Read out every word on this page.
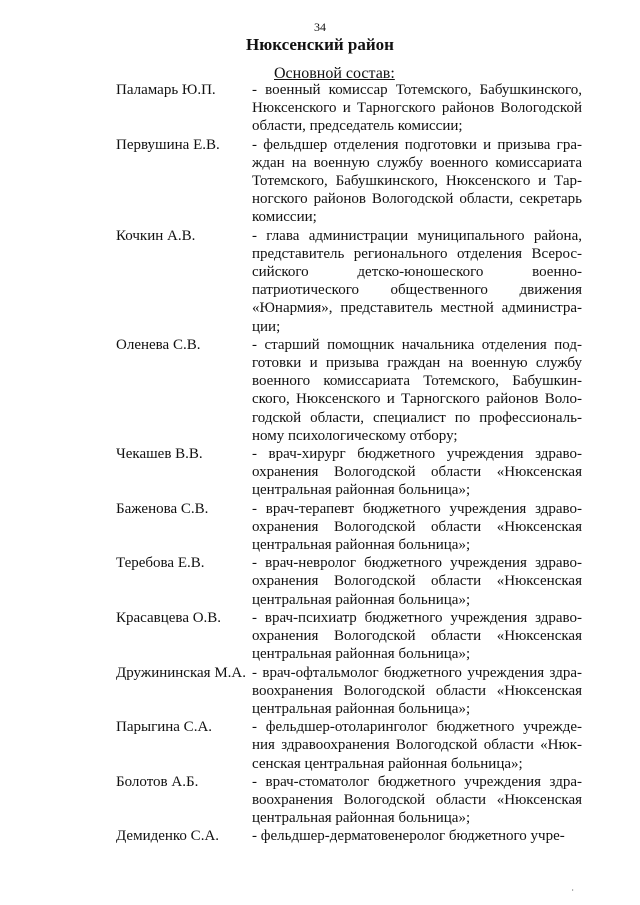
34
Нюксенский район
Основной состав:
Паламарь Ю.П.	- военный комиссар Тотемского, Бабушкинского,
Нюксенского и Тарногского районов Вологодской
области, председатель комиссии;
Первушина Е.В.	- фельдшер отделения подготовки и призыва гра-
ждан на военную службу военного комиссариата
Тотемского, Бабушкинского, Нюксенского и Тар-
ногского районов Вологодской области, секретарь
комиссии;
Кочкин А.В.	- глава администрации муниципального района,
представитель регионального отделения Всерос-
сийского детско-юношеского военно-
патриотического общественного движения
«Юнармия», представитель местной администра-
ции;
Оленева С.В.	- старший помощник начальника отделения под-
готовки и призыва граждан на военную службу
военного комиссариата Тотемского, Бабушкин-
ского, Нюксенского и Тарногского районов Воло-
годской области, специалист по профессиональ-
ному психологическому отбору;
Чекашев В.В.	- врач-хирург бюджетного учреждения здраво-
охранения Вологодской области «Нюксенская
центральная районная больница»;
Баженова С.В.	- врач-терапевт бюджетного учреждения здраво-
охранения Вологодской области «Нюксенская
центральная районная больница»;
Теребова Е.В.	- врач-невролог бюджетного учреждения здраво-
охранения Вологодской области «Нюксенская
центральная районная больница»;
Красавцева О.В.	- врач-психиатр бюджетного учреждения здраво-
охранения Вологодской области «Нюксенская
центральная районная больница»;
Дружининская М.А. - врач-офтальмолог бюджетного учреждения здра-
воохранения Вологодской области «Нюксенская
центральная районная больница»;
Парыгина С.А.	- фельдшер-отоларинголог бюджетного учрежде-
ния здравоохранения Вологодской области «Нюк-
сенская центральная районная больница»;
Болотов А.Б.	- врач-стоматолог бюджетного учреждения здра-
воохранения Вологодской области «Нюксенская
центральная районная больница»;
Демиденко С.А.	- фельдшер-дерматовенеролог бюджетного учре-
·
